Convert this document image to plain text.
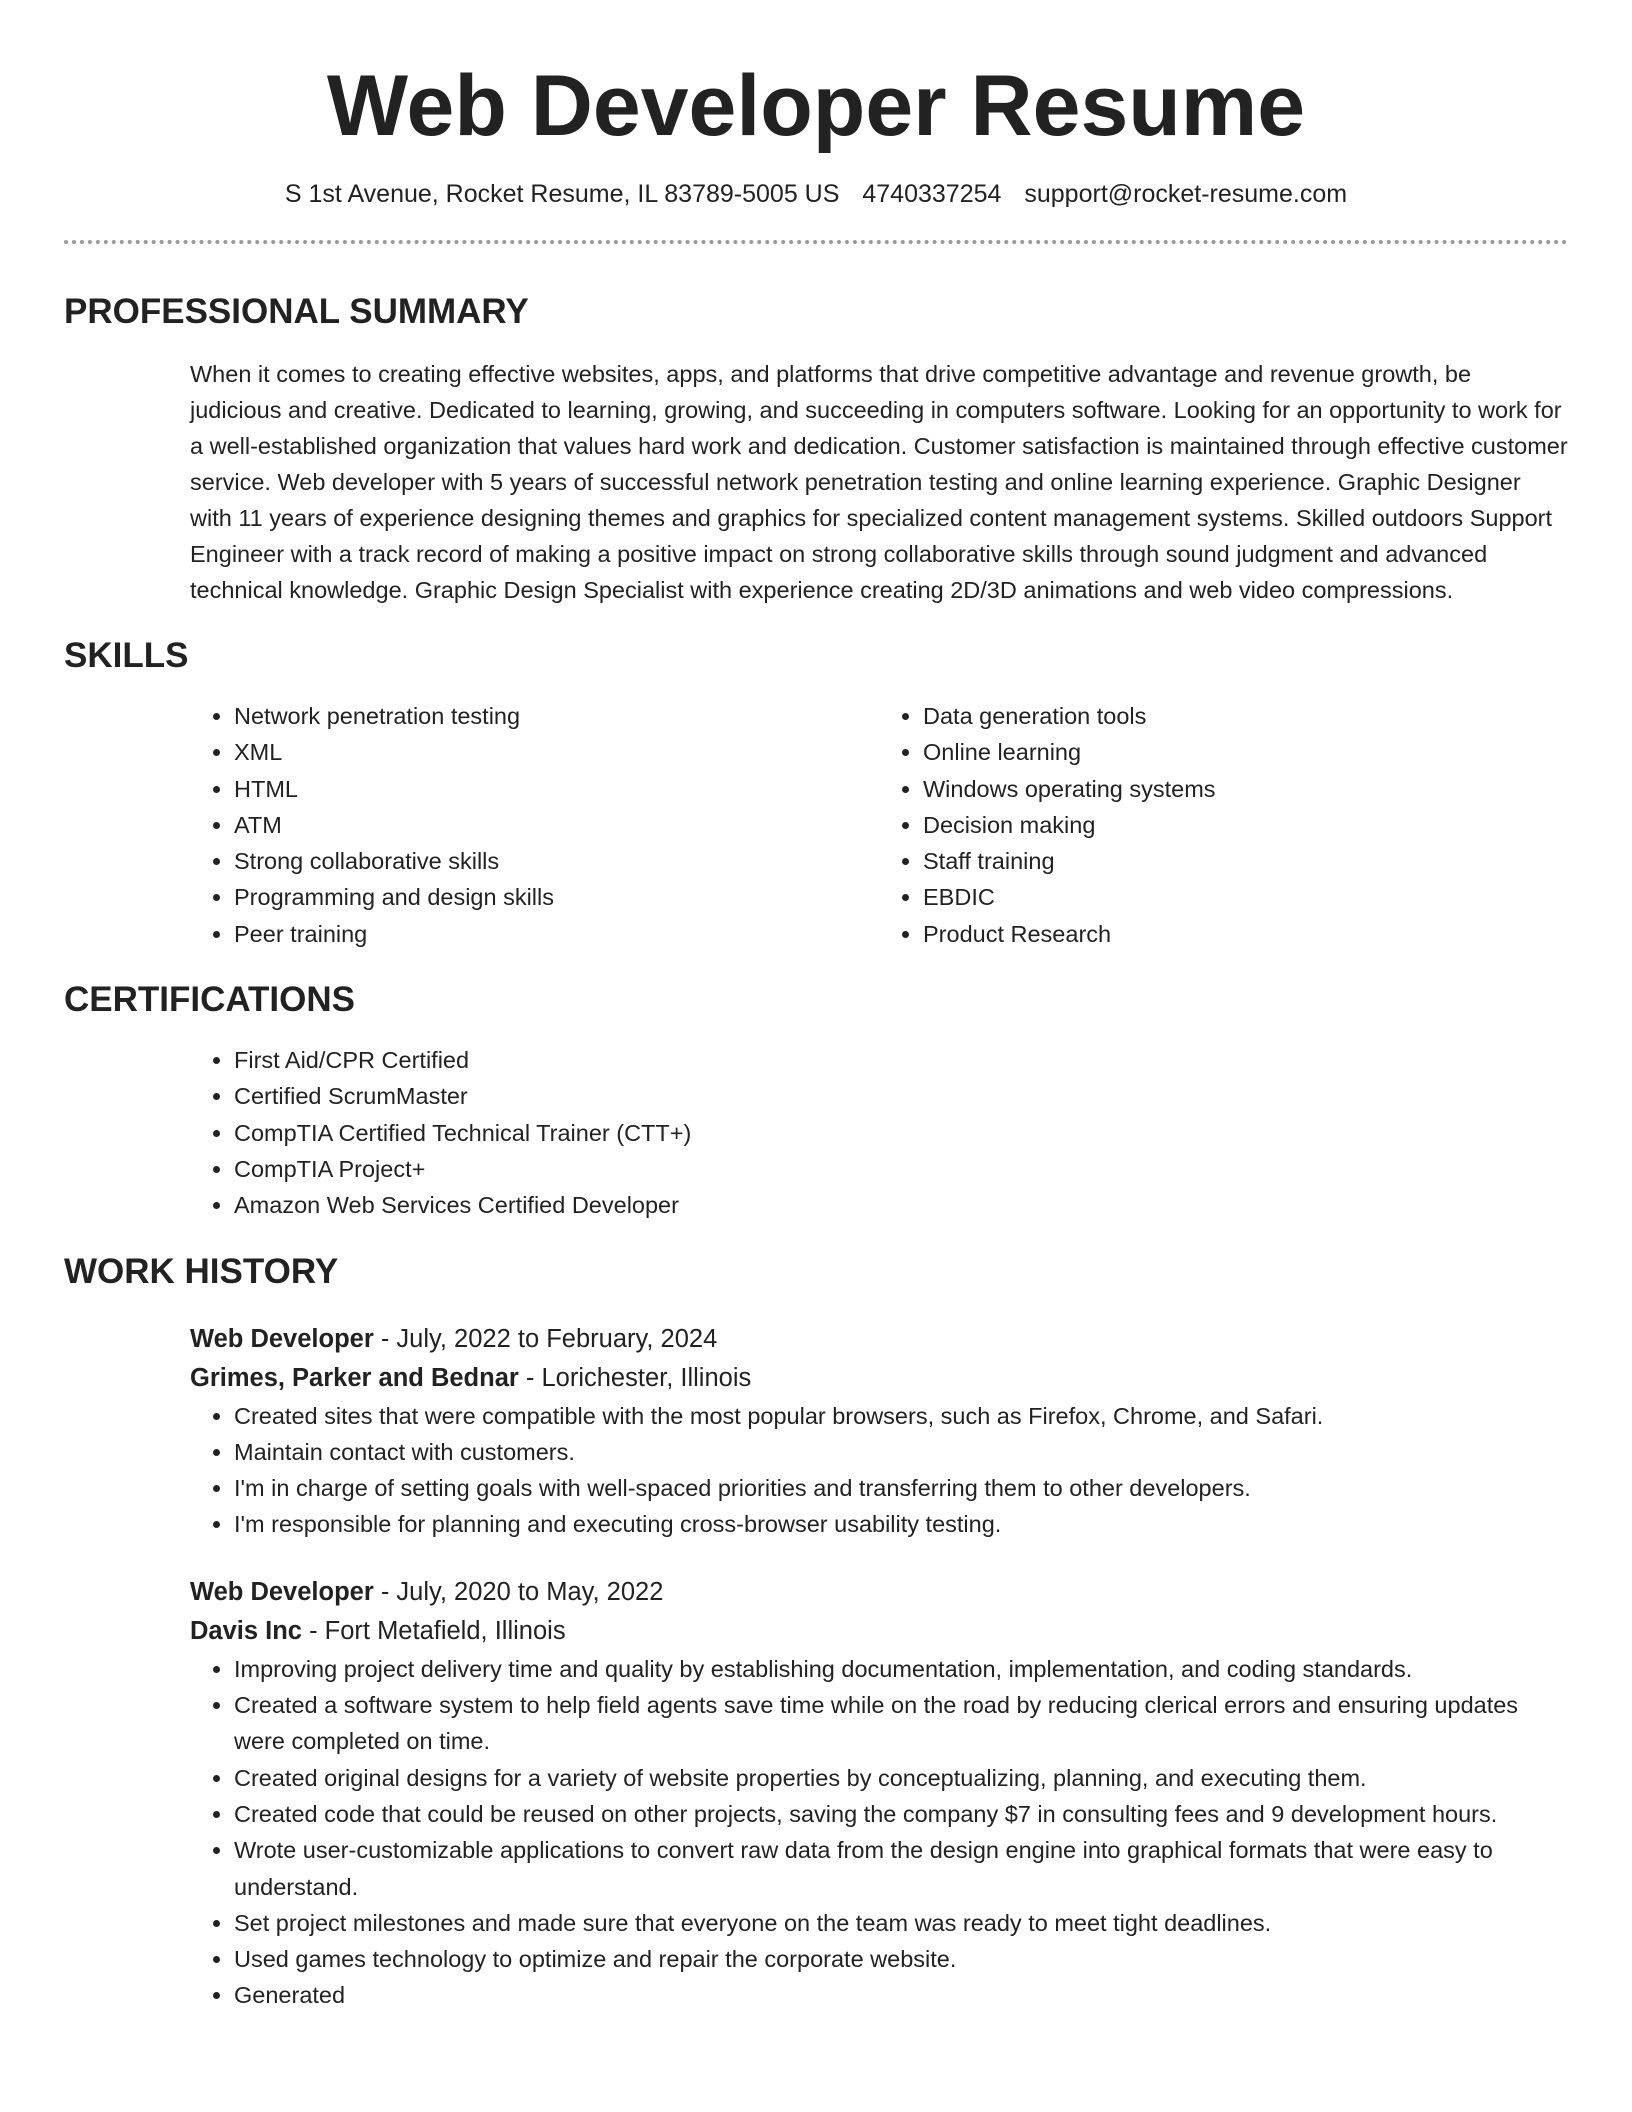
Web Developer Resume
S 1st Avenue, Rocket Resume, IL 83789-5005 US 4740337254 support@rocket-resume.com
PROFESSIONAL SUMMARY
When it comes to creating effective websites, apps, and platforms that drive competitive advantage and revenue growth, be judicious and creative. Dedicated to learning, growing, and succeeding in computers software. Looking for an opportunity to work for a well-established organization that values hard work and dedication. Customer satisfaction is maintained through effective customer service. Web developer with 5 years of successful network penetration testing and online learning experience. Graphic Designer with 11 years of experience designing themes and graphics for specialized content management systems. Skilled outdoors Support Engineer with a track record of making a positive impact on strong collaborative skills through sound judgment and advanced technical knowledge. Graphic Design Specialist with experience creating 2D/3D animations and web video compressions.
SKILLS
• Network penetration testing
• XML
• HTML
• ATM
• Strong collaborative skills
• Programming and design skills
• Peer training
• Data generation tools
• Online learning
• Windows operating systems
• Decision making
• Staff training
• EBDIC
• Product Research
CERTIFICATIONS
• First Aid/CPR Certified
• Certified ScrumMaster
• CompTIA Certified Technical Trainer (CTT+)
• CompTIA Project+
• Amazon Web Services Certified Developer
WORK HISTORY
Web Developer - July, 2022 to February, 2024
Grimes, Parker and Bednar - Lorichester, Illinois
• Created sites that were compatible with the most popular browsers, such as Firefox, Chrome, and Safari.
• Maintain contact with customers.
• I'm in charge of setting goals with well-spaced priorities and transferring them to other developers.
• I'm responsible for planning and executing cross-browser usability testing.
Web Developer - July, 2020 to May, 2022
Davis Inc - Fort Metafield, Illinois
• Improving project delivery time and quality by establishing documentation, implementation, and coding standards.
• Created a software system to help field agents save time while on the road by reducing clerical errors and ensuring updates were completed on time.
• Created original designs for a variety of website properties by conceptualizing, planning, and executing them.
• Created code that could be reused on other projects, saving the company $7 in consulting fees and 9 development hours.
• Wrote user-customizable applications to convert raw data from the design engine into graphical formats that were easy to understand.
• Set project milestones and made sure that everyone on the team was ready to meet tight deadlines.
• Used games technology to optimize and repair the corporate website.
• Generated
